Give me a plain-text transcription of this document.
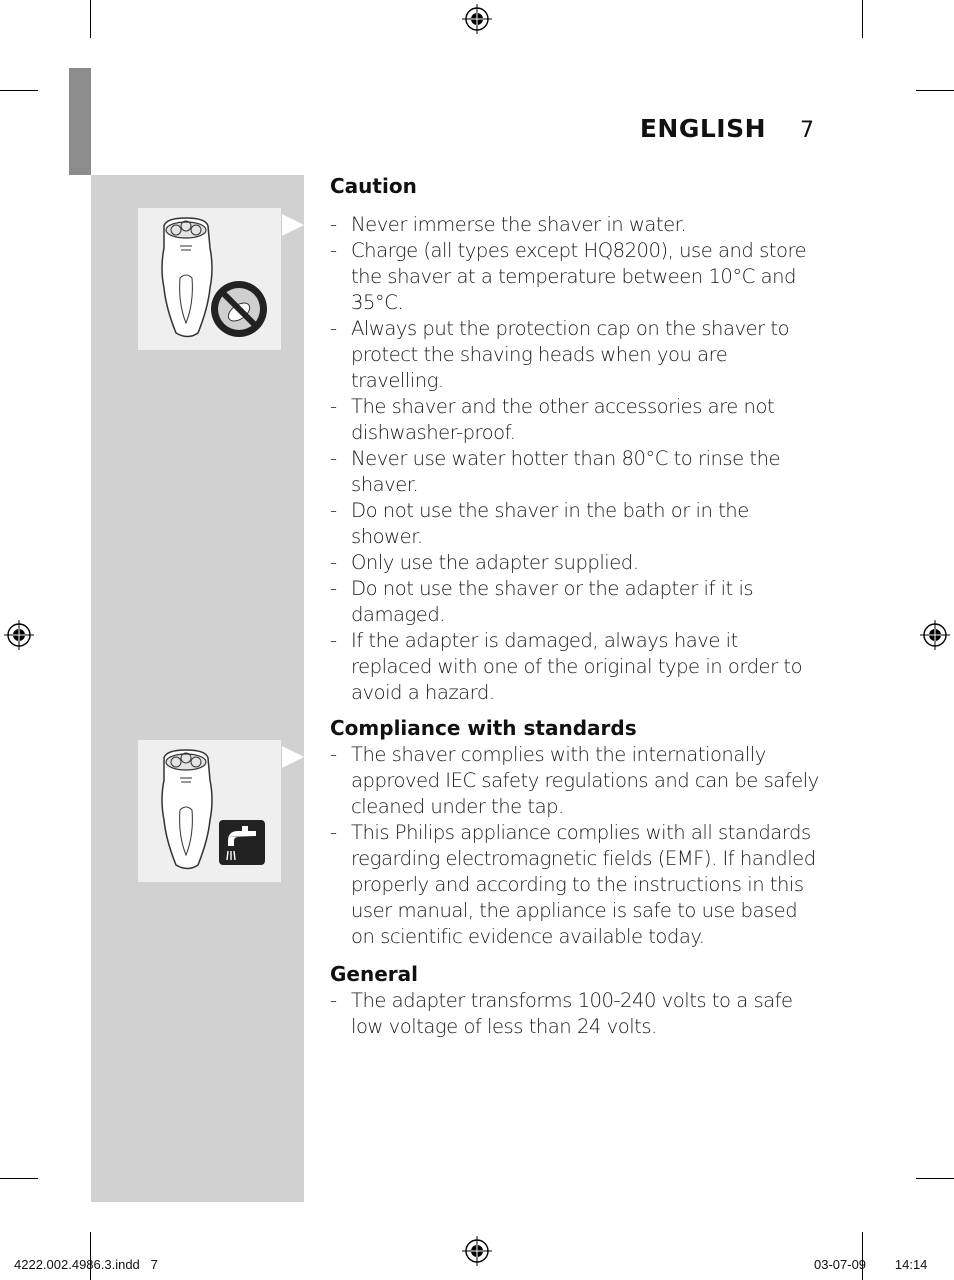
ENGLISH 7
Caution
- Never immerse the shaver in water.
- Charge (all types except HQ8200), use and store the shaver at a temperature between 10°C and 35°C.
- Always put the protection cap on the shaver to protect the shaving heads when you are travelling.
- The shaver and the other accessories are not dishwasher-proof.
- Never use water hotter than 80°C to rinse the shaver.
- Do not use the shaver in the bath or in the shower.
- Only use the adapter supplied.
- Do not use the shaver or the adapter if it is damaged.
- If the adapter is damaged, always have it replaced with one of the original type in order to avoid a hazard.
Compliance with standards
- The shaver complies with the internationally approved IEC safety regulations and can be safely cleaned under the tap.
- This Philips appliance complies with all standards regarding electromagnetic fields (EMF). If handled properly and according to the instructions in this user manual, the appliance is safe to use based on scientific evidence available today.
General
- The adapter transforms 100-240 volts to a safe low voltage of less than 24 volts.
4222.002.4986.3.indd   7	03-07-09   14:14
